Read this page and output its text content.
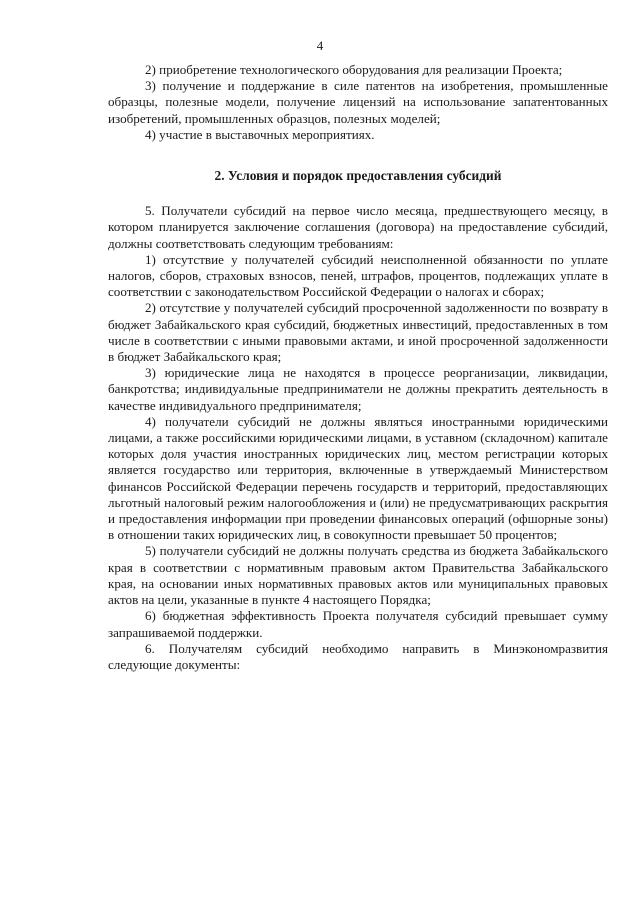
4

2) приобретение технологического оборудования для реализации Проекта;

3) получение и поддержание в силе патентов на изобретения, промышленные образцы, полезные модели, получение лицензий на использование запатентованных изобретений, промышленных образцов, полезных моделей;

4) участие в выставочных мероприятиях.

2. Условия и порядок предоставления субсидий

5. Получатели субсидий на первое число месяца, предшествующего месяцу, в котором планируется заключение соглашения (договора) на предоставление субсидий, должны соответствовать следующим требованиям:

1) отсутствие у получателей субсидий неисполненной обязанности по уплате налогов, сборов, страховых взносов, пеней, штрафов, процентов, подлежащих уплате в соответствии с законодательством Российской Федерации о налогах и сборах;

2) отсутствие у получателей субсидий просроченной задолженности по возврату в бюджет Забайкальского края субсидий, бюджетных инвестиций, предоставленных в том числе в соответствии с иными правовыми актами, и иной просроченной задолженности в бюджет Забайкальского края;

3) юридические лица не находятся в процессе реорганизации, ликвидации, банкротства; индивидуальные предприниматели не должны прекратить деятельность в качестве индивидуального предпринимателя;

4) получатели субсидий не должны являться иностранными юридическими лицами, а также российскими юридическими лицами, в уставном (складочном) капитале которых доля участия иностранных юридических лиц, местом регистрации которых является государство или территория, включенные в утверждаемый Министерством финансов Российской Федерации перечень государств и территорий, предоставляющих льготный налоговый режим налогообложения и (или) не предусматривающих раскрытия и предоставления информации при проведении финансовых операций (офшорные зоны) в отношении таких юридических лиц, в совокупности превышает 50 процентов;

5) получатели субсидий не должны получать средства из бюджета Забайкальского края в соответствии с нормативным правовым актом Правительства Забайкальского края, на основании иных нормативных правовых актов или муниципальных правовых актов на цели, указанные в пункте 4 настоящего Порядка;

6) бюджетная эффективность Проекта получателя субсидий превышает сумму запрашиваемой поддержки.

6. Получателям субсидий необходимо направить в Минэкономразвития следующие документы:
